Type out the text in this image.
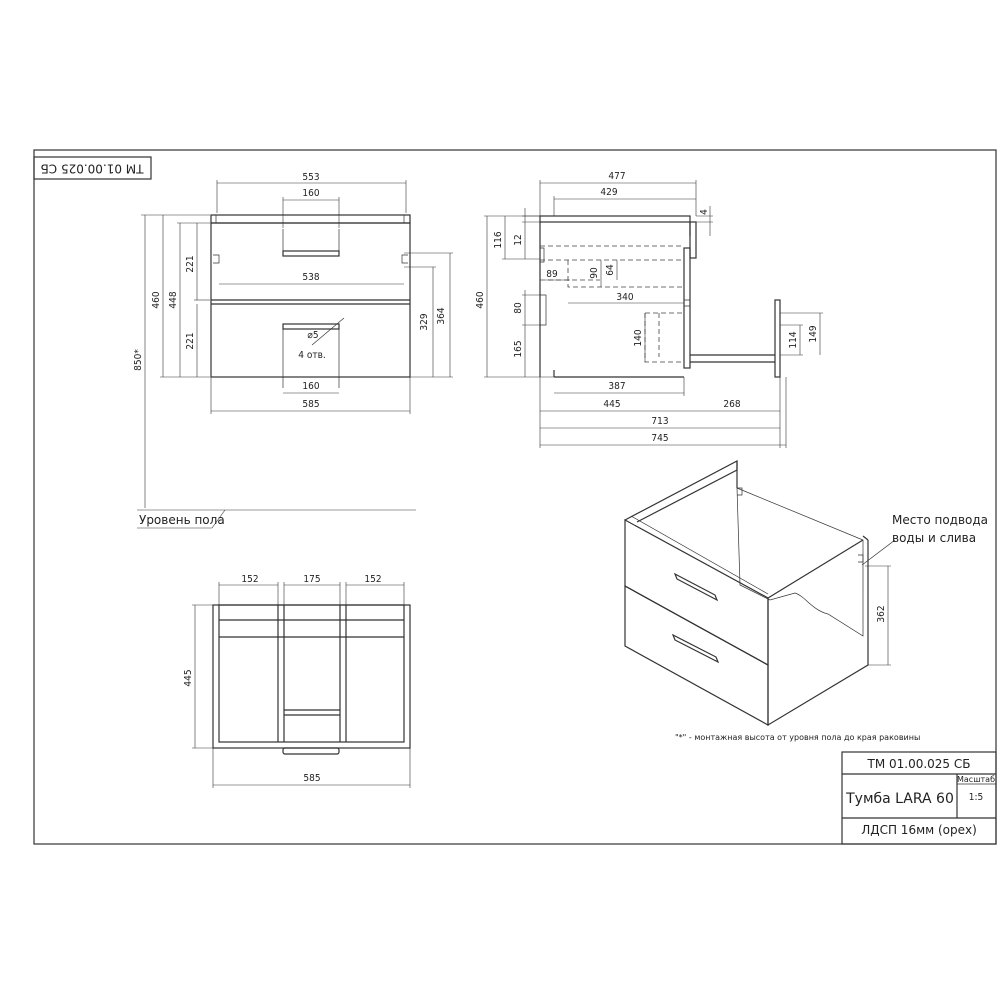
ТМ 01.00.025 СБ
553
160
538
160
585
850*
460 448
221
221
329 364
⌀5
4 отв.
Уровень пола
477
429
4
116 12
460	80
165
89	90 64
340
140	114 149
387
445	268
713
745
152	175	152
445
585
362
Место подвода
воды и слива
"*" - монтажная высота от уровня пола до края раковины
ТМ 01.00.025 СБ
Тумба LARA 60
Масштаб
1:5
ЛДСП 16мм (орех)
